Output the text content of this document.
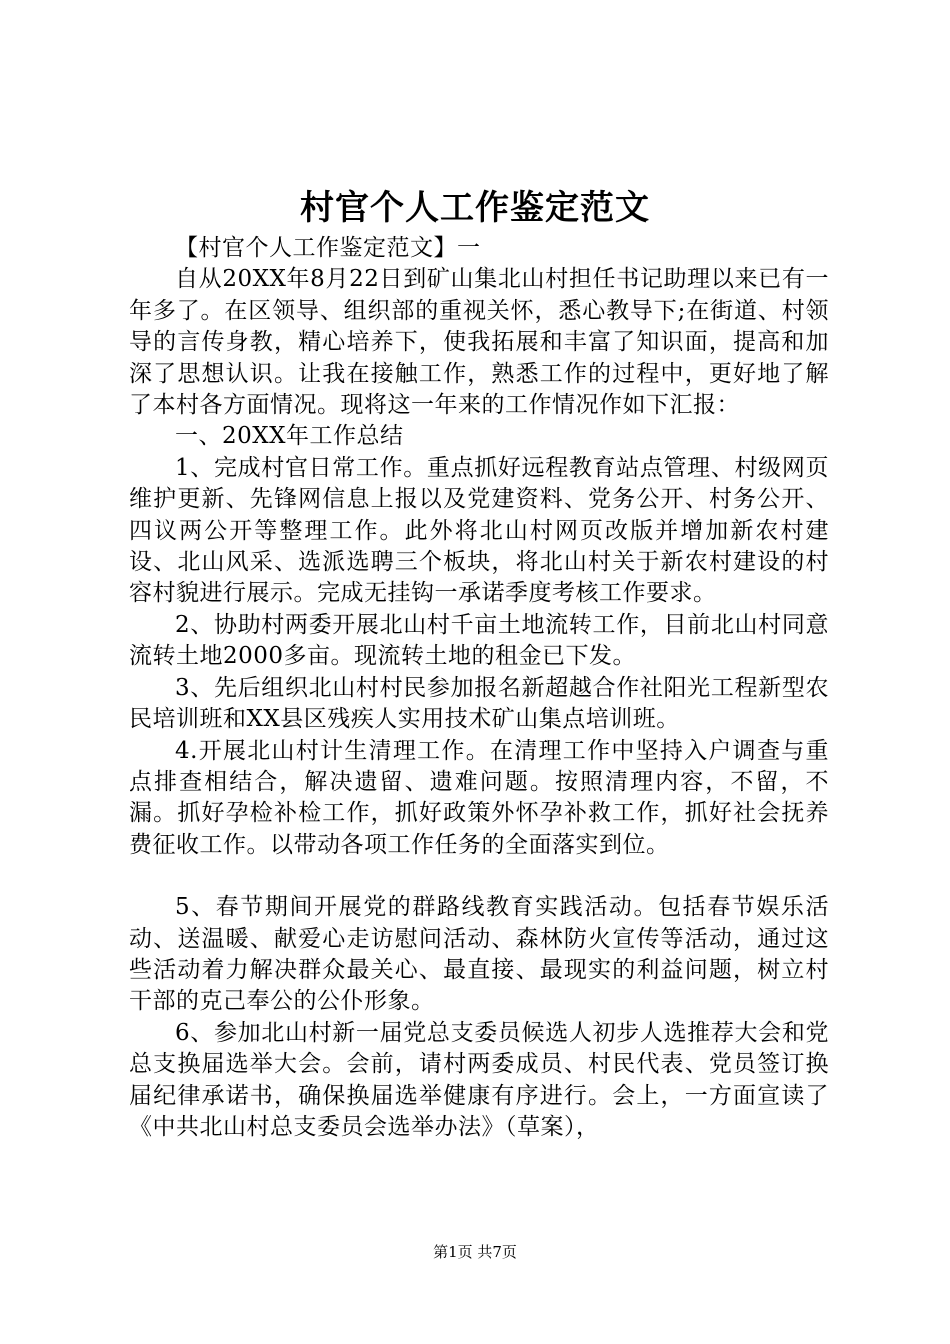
村官个人工作鉴定范文

【村官个人工作鉴定范文】一

自从20XX年8月22日到矿山集北山村担任书记助理以来已有一年多了。在区领导、组织部的重视关怀，悉心教导下;在街道、村领导的言传身教，精心培养下，使我拓展和丰富了知识面，提高和加深了思想认识。让我在接触工作，熟悉工作的过程中，更好地了解了本村各方面情况。现将这一年来的工作情况作如下汇报：

一、20XX年工作总结

1、完成村官日常工作。重点抓好远程教育站点管理、村级网页维护更新、先锋网信息上报以及党建资料、党务公开、村务公开、四议两公开等整理工作。此外将北山村网页改版并增加新农村建设、北山风采、选派选聘三个板块，将北山村关于新农村建设的村容村貌进行展示。完成无挂钩一承诺季度考核工作要求。

2、协助村两委开展北山村千亩土地流转工作，目前北山村同意流转土地2000多亩。现流转土地的租金已下发。

3、先后组织北山村村民参加报名新超越合作社阳光工程新型农民培训班和XX县区残疾人实用技术矿山集点培训班。

4.开展北山村计生清理工作。在清理工作中坚持入户调查与重点排查相结合，解决遗留、遗难问题。按照清理内容，不留，不漏。抓好孕检补检工作，抓好政策外怀孕补救工作，抓好社会抚养费征收工作。以带动各项工作任务的全面落实到位。

5、春节期间开展党的群路线教育实践活动。包括春节娱乐活动、送温暖、献爱心走访慰问活动、森林防火宣传等活动，通过这些活动着力解决群众最关心、最直接、最现实的利益问题，树立村干部的克己奉公的公仆形象。

6、参加北山村新一届党总支委员候选人初步人选推荐大会和党总支换届选举大会。会前，请村两委成员、村民代表、党员签订换届纪律承诺书，确保换届选举健康有序进行。会上，一方面宣读了《中共北山村总支委员会选举办法》（草案），

第1页 共7页
